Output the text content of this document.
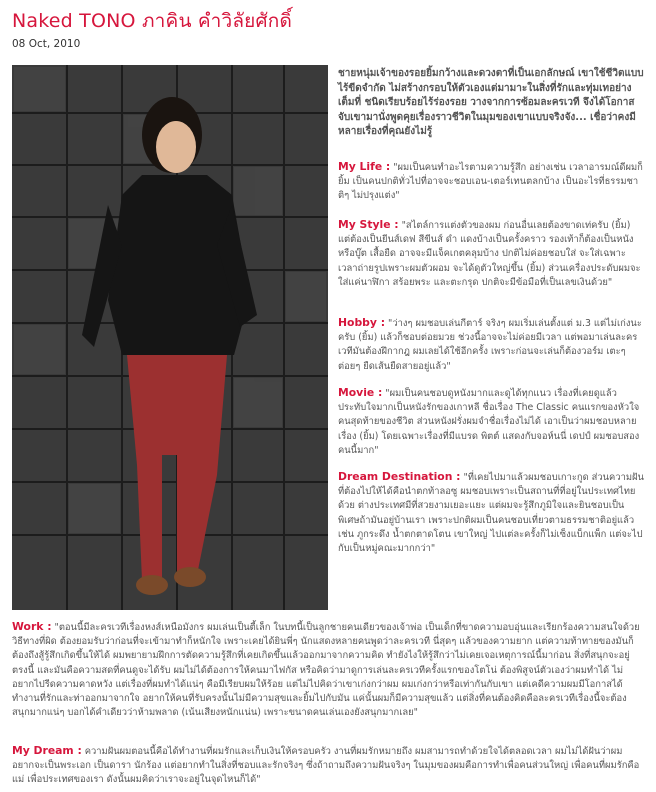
Naked TONO ภาคิน คำวิลัยศักดิ์
08 Oct, 2010
ชายหนุ่มเจ้าของรอยยิ้มกว้างและดวงตาที่เป็นเอกลักษณ์ เขาใช้ชีวิตแบบไร้ขีดจำกัด ไม่สร้างกรอบให้ตัวเองแต่มามาะในสิ่งที่รักและทุ่มเทอย่างเต็มที่ ชนิดเรียบร้อยไร้ร่องรอย วางจากการซ้อมละครเวที จึงได้โอกาสจับเขามานั่งพูดคุยเรื่องราวชีวิตในมุมของเขาแบบจริงจัง... เชื่อว่าคงมีหลายเรื่องที่คุณยังไม่รู้
My Life : "ผมเป็นคนทำอะไรตามความรู้สึก อย่างเช่น เวลาอารมณ์ดีผมก็ยิ้ม เป็นคนปกติทั่วไปที่อาจจะชอบเอน-เตอร์เทนตลกบ้าง เป็นอะไรที่ธรรมชาติๆ ไม่ปรุงแต่ง"
My Style : "สไตล์การแต่งตัวของผม ก่อนอื่นเลยต้องขาดเท่ครับ (ยิ้ม) แต่ต้องเป็นยีนส์เดฟ สีขีนส์ ดำ แดงบ้างเป็นครั้งคราว รองเท้าก็ต้องเป็นหนังหรือบู๊ต เสื้อยืด อาจจะมีแจ็คเกตคลุมบ้าง ปกติไม่ค่อยชอบใส่ จะใส่เฉพาะเวลาถ่ายรูปเพราะผมตัวผอม จะได้ดูตัวใหญ่ขึ้น (ยิ้ม) ส่วนเครื่องประดับผมจะใส่แค่นาฬิกา สร้อยพระ และตะกรุด ปกติจะมีข้อมือที่เป็นเลขเงินด้วย"
Hobby : "ว่างๆ ผมชอบเล่นกีตาร์ จริงๆ ผมเริ่มเล่นตั้งแต่ ม.3 แต่ไม่เก่งนะครับ (ยิ้ม) แล้วก็ชอบต่อยมวย ช่วงนี้อาจจะไม่ค่อยมีเวลา แต่พอมาเล่นละครเวทีมันต้องฝึกากฎ ผมเลยได้ใช้อีกครั้ง เพราะก่อนจะเล่นก็ต้องวอร์ม เตะๆ ต่อยๆ ยืดเส้นยืดสายอยู่แล้ว"
Movie : "ผมเป็นคนชอบดูหนังมากและดูได้ทุกแนว เรื่องที่เคยดูแล้วประทับใจมากเป็นหนังรักของเกาหลี ชื่อเรื่อง The Classic คนแรกของหัวใจคนสุดท้ายของชีวิต ส่วนหนังฝรั่งผมจำชื่อเรื่องไม่ได้ เอาเป็นว่าผมชอบหลายเรื่อง (ยิ้ม) โดยเฉพาะเรื่องที่มีแบรด พิตต์ แสดงกับจอห์นนี่ เดปป์ ผมชอบสองคนนี้มาก"
Dream Destination : "ที่เคยไปมาแล้วผมชอบเกาะกูด ส่วนความฝันที่ต้องไปให้ได้คือนำตกท้าลอซู ผมชอบเพราะเป็นสถานที่ที่อยู่ในประเทศไทยด้วย ต่างประเทศมีที่สวยงามเยอะแยะ แต่ผมจะรู้สึกภูมิใจและยินชอบเป็นพิเศษถ้ามันอยู่บ้านเรา เพราะปกติผมเป็นคนชอบเที่ยวตามธรรมชาติอยู่แล้ว เช่น ภูกระดึง น้ำตกตาดโตน เขาใหญ่ ไปแต่ละครั้งก็ไม่เซ็งแบ็กแพ็ก แต่จะไปกับเป็นหมู่คณะมากกว่า"
Work : "ตอนนี้มีละครเวทีเรื่องหงส์เหนือมังกร ผมเล่นเป็นตี้เล็ก ในบทนี้เป็นลูกชายคนเดียวของเจ้าพ่อ เป็นเด็กที่ขาดความอบอุ่นและเรียกร้องความสนใจด้วยวิธีทางที่ผิด ต้องยอมรับว่าก่อนที่จะเข้ามาทำก็หนักใจ เพราะเคยได้ยินพี่ๆ นักแสดงหลายคนพูดว่าละครเวที นี่สุดๆ แล้วของความยาก แต่ความท้าทายของมันก็ต้องถึงสู้รู้สึกเกิดขึ้นให้ได้ ผมพยายามฝึกการตัดความรู้สึกที่เคยเกิดขึ้นแล้วออกมาจากความคิด ทำยังไงให้รู้สึกว่าไม่เคยเจอเหตุการณ์นี้มาก่อน สิ่งที่สนุกจะอยู่ตรงนี้ และมันคือความสดที่คนดูจะได้รับ ผมไม่ได้ต้องการให้คนมาไฟกัส หรือคิดว่ามาดูการเล่นละครเวทีครั้งแรกของโตโน่ ต้องพิสูจน์ตัวเองว่าผมทำได้ ไม่อยากไปรีดความคาดหวัง แต่เรื่องที่ผมทำได้แน่ๆ คือมีเรียบผมให้ร้อย แต่ไม่ไปคิดว่าเขาเก่งกว่าผม ผมเก่งกว่าหรือเท่ากันกับเขา แต่เคดีความผมมีโอกาสได้ทำงานที่รักและท่าออกมาจากใจ อยากให้คนที่รับครงนั้นไม่มีความสุขและยิ้มไปกับมัน แค่นั้นผมก็มีความสุขแล้ว แต่สิ่งที่คนต้องคิดคือละครเวทีเรื่องนี้จะต้องสนุกมากแน่ๆ บอกได้คำเดียวว่าห้ามพลาด (เน้นเสียงหนักแน่น) เพราะขนาดคนเล่นเองยังสนุกมากเลย"
My Dream : ความฝันผมตอนนี้คือได้ทำงานที่ผมรักและเก็บเงินให้ครอบครัว งานที่ผมรักหมายถึง ผมสามารถทำด้วยใจได้ตลอดเวลา ผมไม่ได้ฝันว่าผมอยากจะเป็นพระเอก เป็นดารา นักร้อง แต่อยากทำในสิ่งที่ชอบและรักจริงๆ ซึ่งถ้าถามถึงความฝันจริงๆ ในมุมของผมคือการทำเพื่อคนส่วนใหญ่ เพื่อคนที่ผมรักคือแม่ เพื่อประเทศของเรา ดังนั้นผมคิดว่าเราจะอยู่ในจุดไหนก็ได้"
